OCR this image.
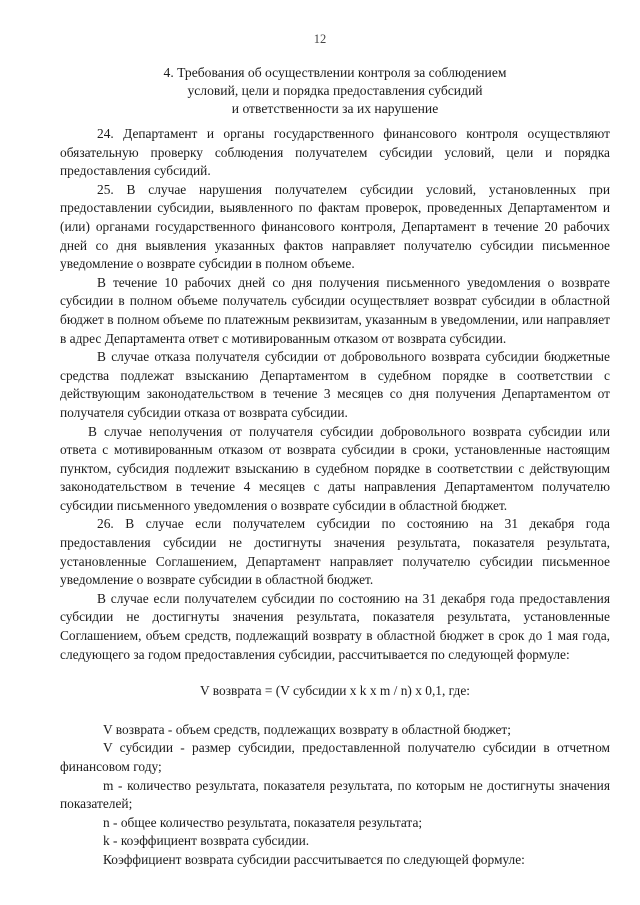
12
4. Требования об осуществлении контроля за соблюдением
условий, цели и порядка предоставления субсидий
и ответственности за их нарушение

24. Департамент и органы государственного финансового контроля осуществляют обязательную проверку соблюдения получателем субсидии условий, цели и порядка предоставления субсидий.

25. В случае нарушения получателем субсидии условий, установленных при предоставлении субсидии, выявленного по фактам проверок, проведенных Департаментом и (или) органами государственного финансового контроля, Департамент в течение 20 рабочих дней со дня выявления указанных фактов направляет получателю субсидии письменное уведомление о возврате субсидии в полном объеме.

В течение 10 рабочих дней со дня получения письменного уведомления о возврате субсидии в полном объеме получатель субсидии осуществляет возврат субсидии в областной бюджет в полном объеме по платежным реквизитам, указанным в уведомлении, или направляет в адрес Департамента ответ с мотивированным отказом от возврата субсидии.

В случае отказа получателя субсидии от добровольного возврата субсидии бюджетные средства подлежат взысканию Департаментом в судебном порядке в соответствии с действующим законодательством в течение 3 месяцев со дня получения Департаментом от получателя субсидии отказа от возврата субсидии.

В случае неполучения от получателя субсидии добровольного возврата субсидии или ответа с мотивированным отказом от возврата субсидии в сроки, установленные настоящим пунктом, субсидия подлежит взысканию в судебном порядке в соответствии с действующим законодательством в течение 4 месяцев с даты направления Департаментом получателю субсидии письменного уведомления о возврате субсидии в областной бюджет.

26. В случае если получателем субсидии по состоянию на 31 декабря года предоставления субсидии не достигнуты значения результата, показателя результата, установленные Соглашением, Департамент направляет получателю субсидии письменное уведомление о возврате субсидии в областной бюджет.

В случае если получателем субсидии по состоянию на 31 декабря года предоставления субсидии не достигнуты значения результата, показателя результата, установленные Соглашением, объем средств, подлежащий возврату в областной бюджет в срок до 1 мая года, следующего за годом предоставления субсидии, рассчитывается по следующей формуле:

V возврата = (V субсидии x k x m / n) x 0,1, где:

V возврата - объем средств, подлежащих возврату в областной бюджет;

V субсидии - размер субсидии, предоставленной получателю субсидии в отчетном финансовом году;

m - количество результата, показателя результата, по которым не достигнуты значения показателей;

n - общее количество результата, показателя результата;

k - коэффициент возврата субсидии.

Коэффициент возврата субсидии рассчитывается по следующей формуле:
